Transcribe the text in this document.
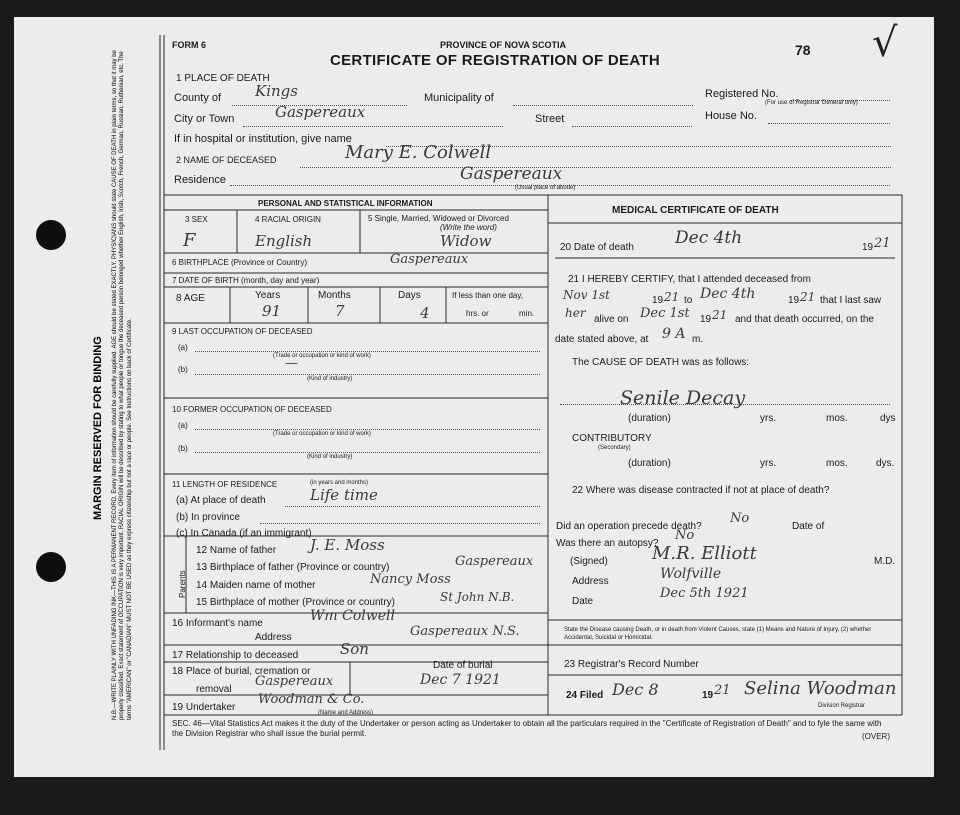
MARGIN RESERVED FOR BINDING N.B.—WRITE PLAINLY WITH UNFADING INK—THIS IS A PERMANENT RECORD. Every item of information should be carefully supplied. AGE should be stated EXACTLY. PHYSICIANS should state CAUSE OF DEATH in plain terms, so that it may be properly classified. Exact statement of OCCUPATION is very important. RACIAL ORIGIN will be described by stating to what people or tongue the deceased person belonged whether English, Irish, Scotch, French, German, Russian, Ruthenian, etc. The terms "AMERICAN" or "CANADIAN" MUST NOT BE USED as they express citizenship but not a race or people. See Instructions on back of Certificate.
FORM 6	PROVINCE OF NOVA SCOTIA
CERTIFICATE OF REGISTRATION OF DEATH
78 √
1 PLACE OF DEATH
County of Kings	Municipality of	Registered No.
(For use of Registrar General only)
City or Town	Gaspereaux	Street	House No.
If in hospital or institution, give name
2 NAME OF DECEASED	Mary E. Colwell
Residence	Gaspereaux
(Usual place of abode)
PERSONAL AND STATISTICAL INFORMATION
3 SEX	4 RACIAL ORIGIN	5 Single, Married, Widowed or Divorced
(Write the word)
F	English	Widow
6 BIRTHPLACE (Province or Country)	Gaspereaux
7 DATE OF BIRTH (month, day and year)
8 AGE	Years	Months	Days	If less than one day,
91	7	4	hrs. or	min.
9 LAST OCCUPATION OF DECEASED
(a)
(Trade or occupation or kind of work)
(b)	—
(Kind of industry)
10 FORMER OCCUPATION OF DECEASED
(a)
(Trade or occupation or kind of work)
(b)
(Kind of industry)
11 LENGTH OF RESIDENCE	(in years and months)
(a) At place of death	Life time
(b) In province
(c) In Canada (if an immigrant)
Parents
12 Name of father J. E. Moss
13 Birthplace of father (Province or country)	Gaspereaux
14 Maiden name of mother	Nancy Moss
15 Birthplace of mother (Province or country)	St John N.B.
16 Informant's name	Wm Colwell
Address	Gaspereaux N.S.
17 Relationship to deceased	Son
18 Place of burial, cremation or
removal
Gaspereaux
Date of burial
Dec 7 1921
19 Undertaker
Woodman & Co.
(Name and Address)
MEDICAL CERTIFICATE OF DEATH
20 Date of death Dec 4th	19 21
21 I HEREBY CERTIFY, that I attended deceased from
Nov 1st	19 21 to Dec 4th	19 21 that I last saw
her alive on Dec 1st 19 21 and that death occurred, on the
date stated above, at 9 A m.
The CAUSE OF DEATH was as follows:
Senile Decay
(duration)	yrs.	mos.	dys
CONTRIBUTORY
(Secondary)
(duration)	yrs.	mos.	dys.
22 Where was disease contracted if not at place of death?
Did an operation precede death?
No
Date of
Was there an autopsy?
No
(Signed) M.R. Elliott	M.D.
Address	Wolfville
Date
Dec 5th 1921
State the Disease causing Death, or in death from Violent Causes, state (1) Means and Nature of Injury, (2) whether Accidental, Suicidal or Homicidal.
23 Registrar's Record Number
24 Filed Dec 8	19 21 Selina Woodman
Division Registrar
SEC. 46—Vital Statistics Act makes it the duty of the Undertaker or person acting as Undertaker to obtain all the particulars required in the "Certificate of Registration of Death" and to fyle the same with the Division Registrar who shall issue the burial permit.	(OVER)
